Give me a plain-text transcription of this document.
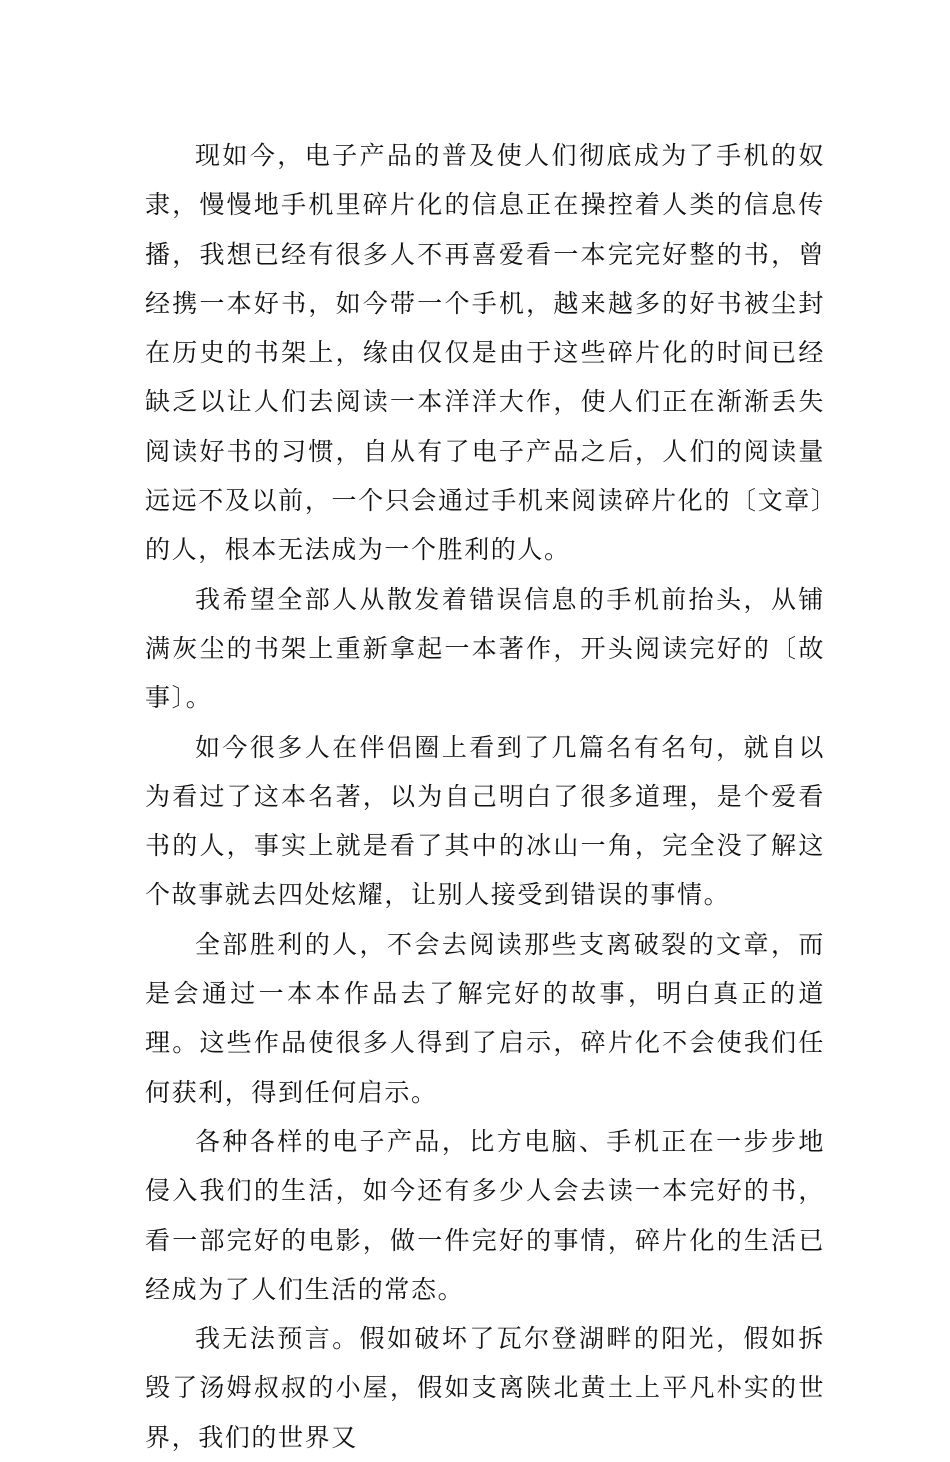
现如今，电子产品的普及使人们彻底成为了手机的奴隶，慢慢地手机里碎片化的信息正在操控着人类的信息传播，我想已经有很多人不再喜爱看一本完完好整的书，曾经携一本好书，如今带一个手机，越来越多的好书被尘封在历史的书架上，缘由仅仅是由于这些碎片化的时间已经缺乏以让人们去阅读一本洋洋大作，使人们正在渐渐丢失阅读好书的习惯，自从有了电子产品之后，人们的阅读量远远不及以前，一个只会通过手机来阅读碎片化的〔文章〕的人，根本无法成为一个胜利的人。

我希望全部人从散发着错误信息的手机前抬头，从铺满灰尘的书架上重新拿起一本著作，开头阅读完好的〔故事〕。

如今很多人在伴侣圈上看到了几篇名有名句，就自以为看过了这本名著，以为自己明白了很多道理，是个爱看书的人，事实上就是看了其中的冰山一角，完全没了解这个故事就去四处炫耀，让别人接受到错误的事情。

全部胜利的人，不会去阅读那些支离破裂的文章，而是会通过一本本作品去了解完好的故事，明白真正的道理。这些作品使很多人得到了启示，碎片化不会使我们任何获利，得到任何启示。

各种各样的电子产品，比方电脑、手机正在一步步地侵入我们的生活，如今还有多少人会去读一本完好的书，看一部完好的电影，做一件完好的事情，碎片化的生活已经成为了人们生活的常态。

我无法预言。假如破坏了瓦尔登湖畔的阳光，假如拆毁了汤姆叔叔的小屋，假如支离陕北黄土上平凡朴实的世界，我们的世界又
